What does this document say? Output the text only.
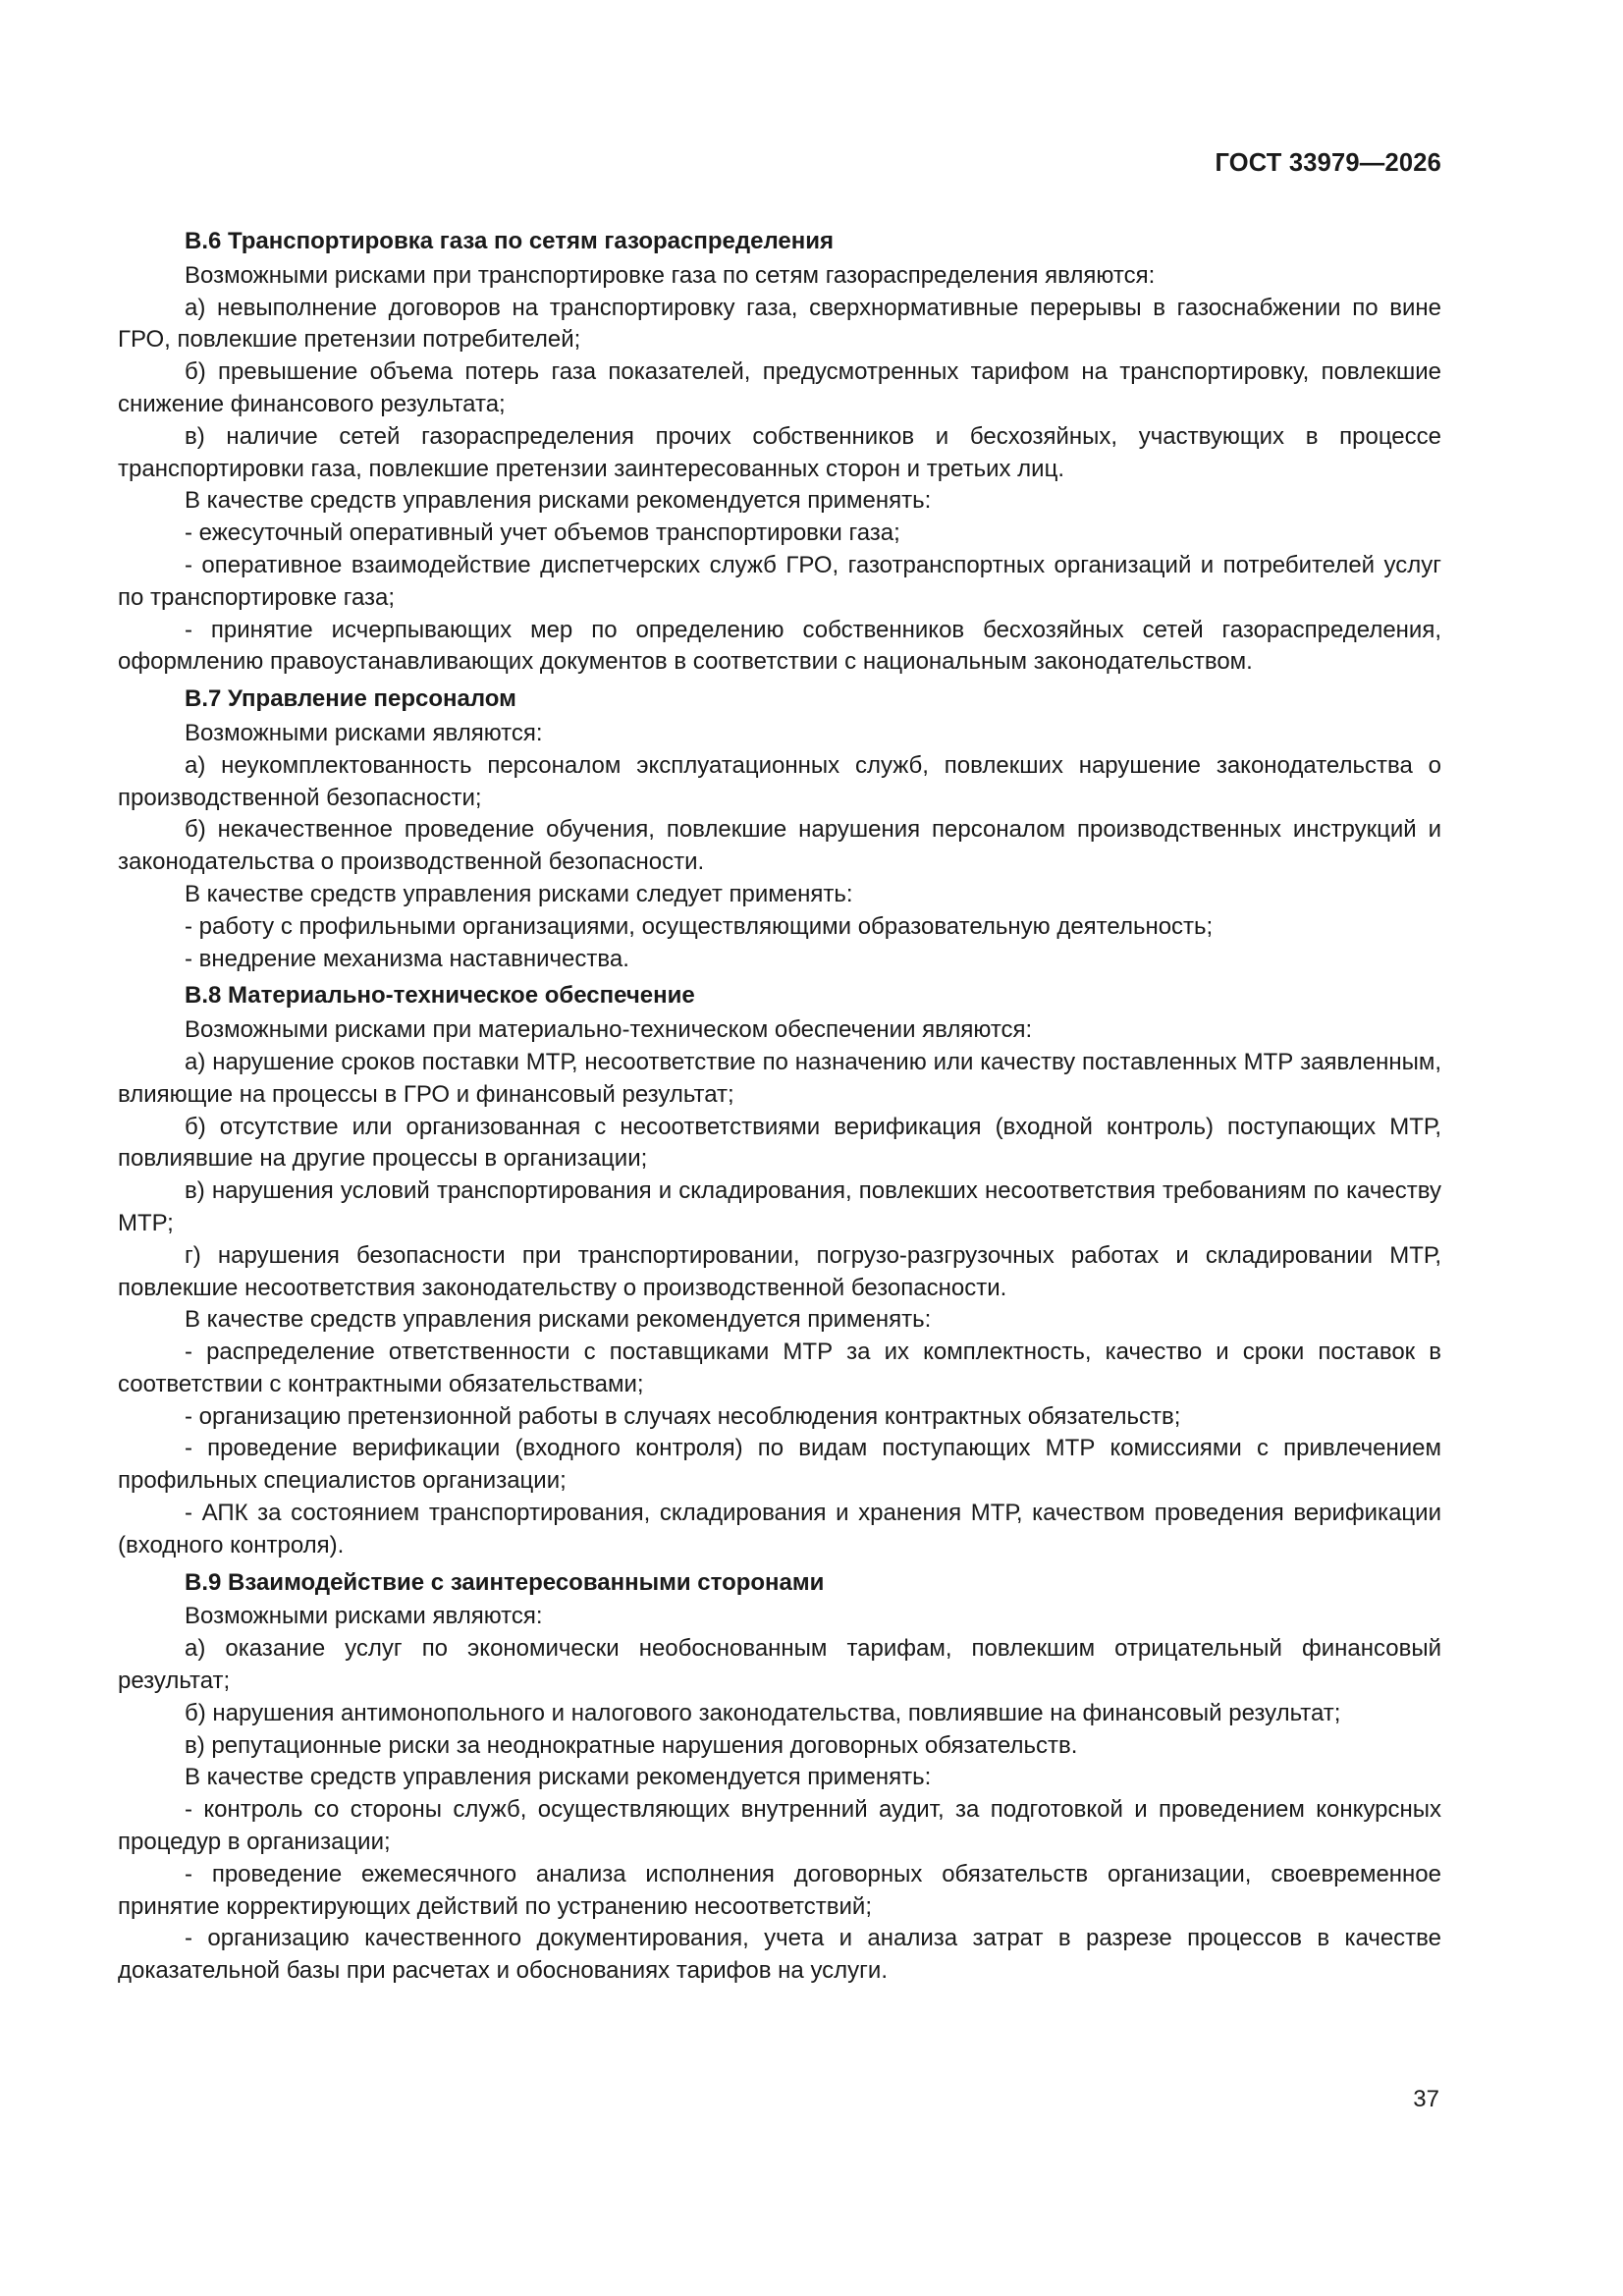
ГОСТ 33979—2026

В.6 Транспортировка газа по сетям газораспределения

Возможными рисками при транспортировке газа по сетям газораспределения являются:

а) невыполнение договоров на транспортировку газа, сверхнормативные перерывы в газоснабжении по вине ГРО, повлекшие претензии потребителей;

б) превышение объема потерь газа показателей, предусмотренных тарифом на транспортировку, повлекшие снижение финансового результата;

в) наличие сетей газораспределения прочих собственников и бесхозяйных, участвующих в процессе транспортировки газа, повлекшие претензии заинтересованных сторон и третьих лиц.

В качестве средств управления рисками рекомендуется применять:

- ежесуточный оперативный учет объемов транспортировки газа;

- оперативное взаимодействие диспетчерских служб ГРО, газотранспортных организаций и потребителей услуг по транспортировке газа;

- принятие исчерпывающих мер по определению собственников бесхозяйных сетей газораспределения, оформлению правоустанавливающих документов в соответствии с национальным законодательством.

В.7 Управление персоналом

Возможными рисками являются:

а) неукомплектованность персоналом эксплуатационных служб, повлекших нарушение законодательства о производственной безопасности;

б) некачественное проведение обучения, повлекшие нарушения персоналом производственных инструкций и законодательства о производственной безопасности.

В качестве средств управления рисками следует применять:

- работу с профильными организациями, осуществляющими образовательную деятельность;

- внедрение механизма наставничества.

В.8 Материально-техническое обеспечение

Возможными рисками при материально-техническом обеспечении являются:

а) нарушение сроков поставки МТР, несоответствие по назначению или качеству поставленных МТР заявленным, влияющие на процессы в ГРО и финансовый результат;

б) отсутствие или организованная с несоответствиями верификация (входной контроль) поступающих МТР, повлиявшие на другие процессы в организации;

в) нарушения условий транспортирования и складирования, повлекших несоответствия требованиям по качеству МТР;

г) нарушения безопасности при транспортировании, погрузо-разгрузочных работах и складировании МТР, повлекшие несоответствия законодательству о производственной безопасности.

В качестве средств управления рисками рекомендуется применять:

- распределение ответственности с поставщиками МТР за их комплектность, качество и сроки поставок в соответствии с контрактными обязательствами;

- организацию претензионной работы в случаях несоблюдения контрактных обязательств;

- проведение верификации (входного контроля) по видам поступающих МТР комиссиями с привлечением профильных специалистов организации;

- АПК за состоянием транспортирования, складирования и хранения МТР, качеством проведения верификации (входного контроля).

В.9 Взаимодействие с заинтересованными сторонами

Возможными рисками являются:

а) оказание услуг по экономически необоснованным тарифам, повлекшим отрицательный финансовый результат;

б) нарушения антимонопольного и налогового законодательства, повлиявшие на финансовый результат;

в) репутационные риски за неоднократные нарушения договорных обязательств.

В качестве средств управления рисками рекомендуется применять:

- контроль со стороны служб, осуществляющих внутренний аудит, за подготовкой и проведением конкурсных процедур в организации;

- проведение ежемесячного анализа исполнения договорных обязательств организации, своевременное принятие корректирующих действий по устранению несоответствий;

- организацию качественного документирования, учета и анализа затрат в разрезе процессов в качестве доказательной базы при расчетах и обоснованиях тарифов на услуги.

37
